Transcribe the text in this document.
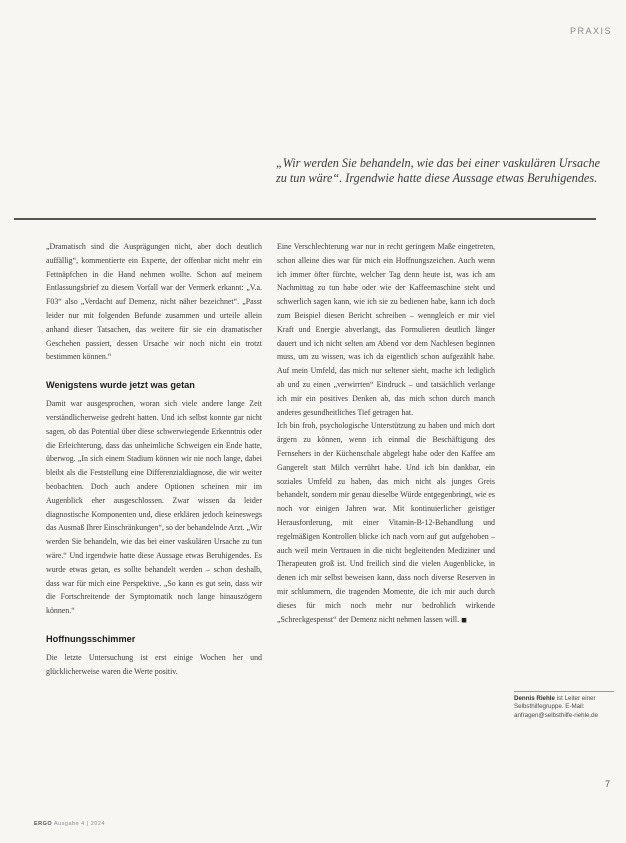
PRAXIS
„Wir werden Sie behandeln, wie das bei einer vaskulären Ursache zu tun wäre“. Irgendwie hatte diese Aussage etwas Beruhigendes.

„Dramatisch sind die Ausprägungen nicht, aber doch deutlich auffällig“, kommentierte ein Experte, der offenbar nicht mehr ein Fettnäpfchen in die Hand nehmen wollte. Schon auf meinem Entlassungsbrief zu diesem Vorfall war der Vermerk erkannt: „V.a. F03“ also „Verdacht auf Demenz, nicht näher bezeichnet“. „Passt leider nur mit folgenden Befunde zusammen und urteile allein anhand dieser Tatsachen, das weitere für sie ein dramatischer Geschehen passiert, dessen Ursache wir noch nicht ein trotzt bestimmen können.“

Wenigstens wurde jetzt was getan

Damit war ausgesprochen, woran sich viele andere lange Zeit verständlicherweise gedreht hatten. Und ich selbst konnte gar nicht sagen, ob das Potential über diese schwerwiegende Erkenntnis oder die Erleichterung, dass das unheimliche Schweigen ein Ende hatte, überwog. „In sich einem Stadium können wir nie noch lange, dabei bleibt als die Feststellung eine Differenzialdiagnose, die wir weiter beobachten. Doch auch andere Optionen scheinen mir im Augenblick eher ausgeschlossen. Zwar wissen da leider diagnostische Komponenten und, diese erklären jedoch keineswegs das Ausmaß Ihrer Einschränkungen“, so der behandelnde Arzt. „Wir werden Sie behandeln, wie das bei einer vaskulären Ursache zu tun wäre.“ Und irgendwie hatte diese Aussage etwas Beruhigendes. Es wurde etwas getan, es sollte behandelt werden – schon deshalb, dass war für mich eine Perspektive. „So kann es gut sein, dass wir die Fortschreitende der Symptomatik noch lange hinauszögern können.“

Hoffnungsschimmer

Die letzte Untersuchung ist erst einige Wochen her und glücklicherweise waren die Werte positiv.

Eine Verschlechterung war nur in recht geringem Maße eingetreten, schon alleine dies war für mich ein Hoffnungszeichen. Auch wenn ich immer öfter fürchte, welcher Tag denn heute ist, was ich am Nachmittag zu tun habe oder wie der Kaffeemaschine steht und schwerlich sagen kann, wie ich sie zu bedienen habe, kann ich doch zum Beispiel diesen Bericht schreiben – wenngleich er mir viel Kraft und Energie abverlangt, das Formulieren deutlich länger dauert und ich nicht selten am Abend vor dem Nachlesen beginnen muss, um zu wissen, was ich da eigentlich schon aufgezählt habe. Auf mein Umfeld, das mich nur seltener sieht, mache ich lediglich ab und zu einen „verwirrten“ Eindruck – und tatsächlich verlange ich mir ein positives Denken ab, das mich schon durch manch anderes gesundheitliches Tief getragen hat.

Ich bin froh, psychologische Unterstützung zu haben und mich dort ärgern zu können, wenn ich einmal die Beschäftigung des Fernsehers in der Küchenschale abgelegt habe oder den Kaffee am Gangerelt statt Milch verrührt habe. Und ich bin dankbar, ein soziales Umfeld zu haben, das mich nicht als junges Greis behandelt, sondern mir genau dieselbe Würde entgegenbringt, wie es noch vor einigen Jahren war. Mit kontinuierlicher geistiger Herausforderung, mit einer Vitamin-B-12-Behandlung und regelmäßigen Kontrollen blicke ich nach vorn auf gut aufgehoben – auch weil mein Vertrauen in die nicht begleitenden Mediziner und Therapeuten groß ist. Und freilich sind die vielen Augenblicke, in denen ich mir selbst beweisen kann, dass noch diverse Reserven in mir schlummern, die tragenden Momente, die ich mir auch durch dieses für mich noch mehr nur bedrohlich wirkende „Schreckgespenst“ der Demenz nicht nehmen lassen will. ◼

Dennis Riehle ist Leiter einer Selbsthilfegruppe. E-Mail: anfragen@selbsthilfe-riehle.de
ERGO Ausgabe 4 | 2024
7
